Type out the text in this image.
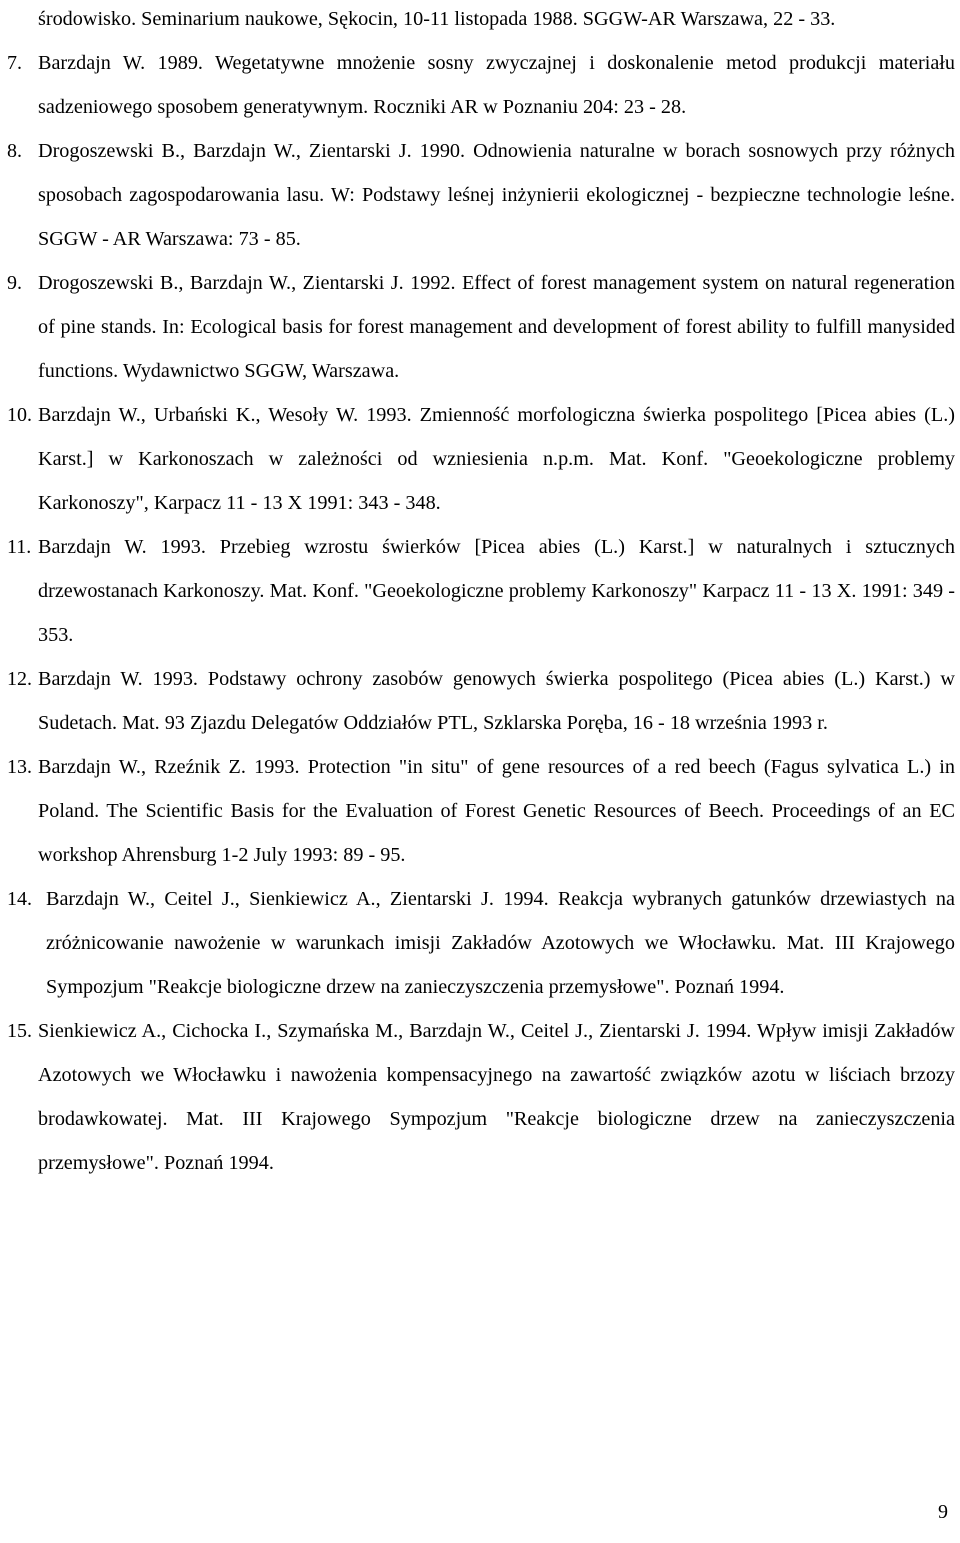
środowisko. Seminarium naukowe, Sękocin, 10-11 listopada 1988. SGGW-AR Warszawa, 22 - 33.
7. Barzdajn W. 1989. Wegetatywne mnożenie sosny zwyczajnej i doskonalenie metod produkcji materiału sadzeniowego sposobem generatywnym. Roczniki AR w Poznaniu 204: 23 - 28.
8. Drogoszewski B., Barzdajn W., Zientarski J. 1990. Odnowienia naturalne w borach sosnowych przy różnych sposobach zagospodarowania lasu. W: Podstawy leśnej inżynierii ekologicznej - bezpieczne technologie leśne. SGGW - AR Warszawa: 73 - 85.
9. Drogoszewski B., Barzdajn W., Zientarski J. 1992. Effect of forest management system on natural regeneration of pine stands. In: Ecological basis for forest management and development of forest ability to fulfill manysided functions. Wydawnictwo SGGW, Warszawa.
10. Barzdajn W., Urbański K., Wesoły W. 1993. Zmienność morfologiczna świerka pospolitego [Picea abies (L.) Karst.] w Karkonoszach w zależności od wzniesienia n.p.m. Mat. Konf. "Geoekologiczne problemy Karkonoszy", Karpacz 11 - 13 X 1991: 343 - 348.
11. Barzdajn W. 1993. Przebieg wzrostu świerków [Picea abies (L.) Karst.] w naturalnych i sztucznych drzewostanach Karkonoszy. Mat. Konf. "Geoekologiczne problemy Karkonoszy" Karpacz 11 - 13 X. 1991: 349 - 353.
12. Barzdajn W. 1993. Podstawy ochrony zasobów genowych świerka pospolitego (Picea abies (L.) Karst.) w Sudetach. Mat. 93 Zjazdu Delegatów Oddziałów PTL, Szklarska Poręba, 16 - 18 września 1993 r.
13. Barzdajn W., Rzeźnik Z. 1993. Protection "in situ" of gene resources of a red beech (Fagus sylvatica L.) in Poland. The Scientific Basis for the Evaluation of Forest Genetic Resources of Beech. Proceedings of an EC workshop Ahrensburg 1-2 July 1993: 89 - 95.
14. Barzdajn W., Ceitel J., Sienkiewicz A., Zientarski J. 1994. Reakcja wybranych gatunków drzewiastych na zróżnicowanie nawożenie w warunkach imisji Zakładów Azotowych we Włocławku. Mat. III Krajowego Sympozjum "Reakcje biologiczne drzew na zanieczyszczenia przemysłowe". Poznań 1994.
15. Sienkiewicz A., Cichocka I., Szymańska M., Barzdajn W., Ceitel J., Zientarski J. 1994. Wpływ imisji Zakładów Azotowych we Włocławku i nawożenia kompensacyjnego na zawartość związków azotu w liściach brzozy brodawkowatej. Mat. III Krajowego Sympozjum "Reakcje biologiczne drzew na zanieczyszczenia przemysłowe". Poznań 1994.
9
